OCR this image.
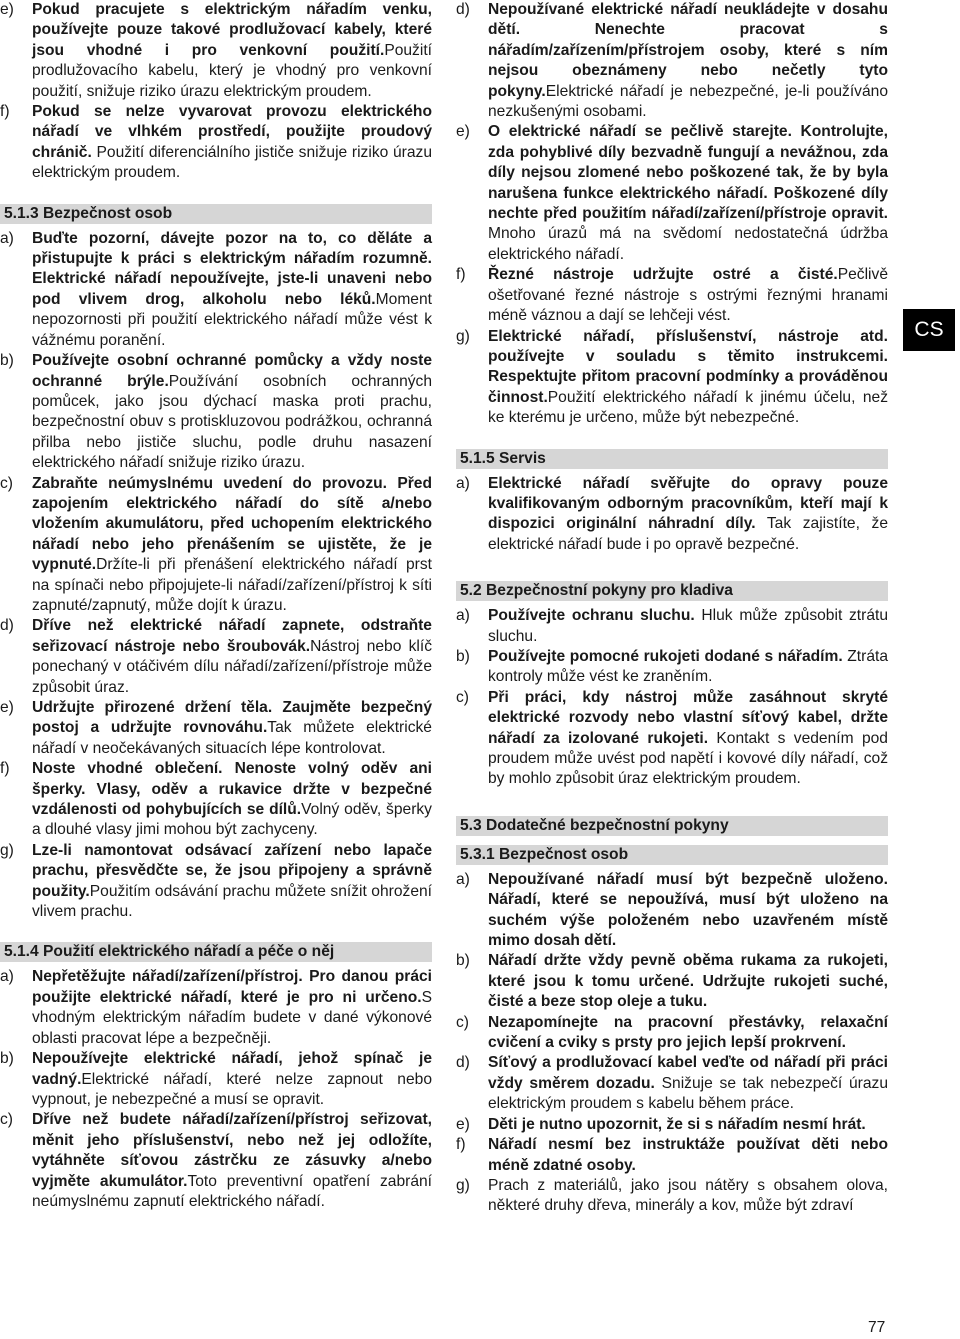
e) Pokud pracujete s elektrickým nářadím venku, používejte pouze takové prodlužovací kabely, které jsou vhodné i pro venkovní použití.Použití prodlužovacího kabelu, který je vhodný pro venkovní použití, snižuje riziko úrazu elektrickým proudem.
f) Pokud se nelze vyvarovat provozu elektrického nářadí ve vlhkém prostředí, použijte proudový chránič. Použití diferenciálního jističe snižuje riziko úrazu elektrickým proudem.
5.1.3 Bezpečnost osob
a) Buďte pozorní, dávejte pozor na to, co děláte a přistupujte k práci s elektrickým nářadím rozumně. Elektrické nářadí nepoužívejte, jste-li unaveni nebo pod vlivem drog, alkoholu nebo léků.Moment nepozornosti při použití elektrického nářadí může vést k vážnému poranění.
b) Používejte osobní ochranné pomůcky a vždy noste ochranné brýle.Používání osobních ochranných pomůcek, jako jsou dýchací maska proti prachu, bezpečnostní obuv s protiskluzovou podrážkou, ochranná přilba nebo jističe sluchu, podle druhu nasazení elektrického nářadí snižuje riziko úrazu.
c) Zabraňte neúmyslnému uvedení do provozu. Před zapojením elektrického nářadí do sítě a/nebo vložením akumulátoru, před uchopením elektrického nářadí nebo jeho přenášením se ujistěte, že je vypnuté.Držíte-li při přenášení elektrického nářadí prst na spínači nebo připojujete-li nářadí/zařízení/přístroj k síti zapnuté/zapnutý, může dojít k úrazu.
d) Dříve než elektrické nářadí zapnete, odstraňte seřizovací nástroje nebo šroubovák.Nástroj nebo klíč ponechaný v otáčivém dílu nářadí/zařízení/přístroje může způsobit úraz.
e) Udržujte přirozené držení těla. Zaujměte bezpečný postoj a udržujte rovnováhu.Tak můžete elektrické nářadí v neočekávaných situacích lépe kontrolovat.
f) Noste vhodné oblečení. Nenoste volný oděv ani šperky. Vlasy, oděv a rukavice držte v bezpečné vzdálenosti od pohybujících se dílů.Volný oděv, šperky a dlouhé vlasy jimi mohou být zachyceny.
g) Lze-li namontovat odsávací zařízení nebo lapače prachu, přesvědčte se, že jsou připojeny a správně použity.Použitím odsávání prachu můžete snížit ohrožení vlivem prachu.
5.1.4 Použití elektrického nářadí a péče o něj
a) Nepřetěžujte nářadí/zařízení/přístroj. Pro danou práci použijte elektrické nářadí, které je pro ni určeno.S vhodným elektrickým nářadím budete v dané výkonové oblasti pracovat lépe a bezpečněji.
b) Nepoužívejte elektrické nářadí, jehož spínač je vadný.Elektrické nářadí, které nelze zapnout nebo vypnout, je nebezpečné a musí se opravit.
c) Dříve než budete nářadí/zařízení/přístroj seřizovat, měnit jeho příslušenství, nebo než jej odložíte, vytáhněte síťovou zástrčku ze zásuvky a/nebo vyjměte akumulátor.Toto preventivní opatření zabrání neúmyslnému zapnutí elektrického nářadí.
d) Nepoužívané elektrické nářadí neukládejte v dosahu dětí. Nenechte pracovat s nářadím/zařízením/přístrojem osoby, které s ním nejsou obeznámeny nebo nečetly tyto pokyny.Elektrické nářadí je nebezpečné, je-li používáno nezkušenými osobami.
e) O elektrické nářadí se pečlivě starejte. Kontrolujte, zda pohyblivé díly bezvadně fungují a nevážnou, zda díly nejsou zlomené nebo poškozené tak, že by byla narušena funkce elektrického nářadí. Poškozené díly nechte před použitím nářadí/zařízení/přístroje opravit. Mnoho úrazů má na svědomí nedostatečná údržba elektrického nářadí.
f) Řezné nástroje udržujte ostré a čisté.Pečlivě ošetřované řezné nástroje s ostrými řeznými hranami méně váznou a dají se lehčeji vést.
g) Elektrické nářadí, příslušenství, nástroje atd. používejte v souladu s těmito instrukcemi. Respektujte přitom pracovní podmínky a prováděnou činnost.Použití elektrického nářadí k jinému účelu, než ke kterému je určeno, může být nebezpečné.
5.1.5 Servis
a) Elektrické nářadí svěřujte do opravy pouze kvalifikovaným odborným pracovníkům, kteří mají k dispozici originální náhradní díly. Tak zajistíte, že elektrické nářadí bude i po opravě bezpečné.
5.2 Bezpečnostní pokyny pro kladiva
a) Používejte ochranu sluchu. Hluk může způsobit ztrátu sluchu.
b) Používejte pomocné rukojeti dodané s nářadím. Ztráta kontroly může vést ke zraněním.
c) Při práci, kdy nástroj může zasáhnout skryté elektrické rozvody nebo vlastní síťový kabel, držte nářadí za izolované rukojeti. Kontakt s vedením pod proudem může uvést pod napětí i kovové díly nářadí, což by mohlo způsobit úraz elektrickým proudem.
5.3 Dodatečné bezpečnostní pokyny
5.3.1 Bezpečnost osob
a) Nepoužívané nářadí musí být bezpečně uloženo. Nářadí, které se nepoužívá, musí být uloženo na suchém výše položeném nebo uzavřeném místě mimo dosah dětí.
b) Nářadí držte vždy pevně oběma rukama za rukojeti, které jsou k tomu určené. Udržujte rukojeti suché, čisté a beze stop oleje a tuku.
c) Nezapomínejte na pracovní přestávky, relaxační cvičení a cviky s prsty pro jejich lepší prokrvení.
d) Síťový a prodlužovací kabel veďte od nářadí při práci vždy směrem dozadu. Snižuje se tak nebezpečí úrazu elektrickým proudem s kabelu během práce.
e) Děti je nutno upozornit, že si s nářadím nesmí hrát.
f) Nářadí nesmí bez instruktáže používat děti nebo méně zdatné osoby.
g) Prach z materiálů, jako jsou nátěry s obsahem olova, některé druhy dřeva, minerály a kov, může být zdraví
CS
77
